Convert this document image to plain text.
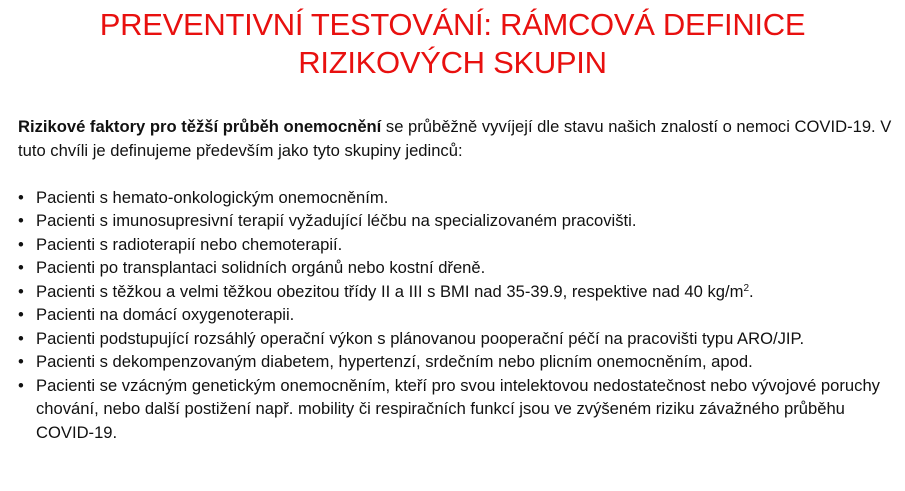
PREVENTIVNÍ TESTOVÁNÍ: RÁMCOVÁ DEFINICE
RIZIKOVÝCH SKUPIN

Rizikové faktory pro těžší průběh onemocnění se průběžně vyvíjejí dle stavu našich znalostí o nemoci COVID-19. V tuto chvíli je definujeme především jako tyto skupiny jedinců:

• Pacienti s hemato-onkologickým onemocněním.
• Pacienti s imunosupresivní terapií vyžadující léčbu na specializovaném pracovišti.
• Pacienti s radioterapií nebo chemoterapií.
• Pacienti po transplantaci solidních orgánů nebo kostní dřeně.
• Pacienti s těžkou a velmi těžkou obezitou třídy II a III s BMI nad 35-39.9, respektive nad 40 $kg/m^2$.
• Pacienti na domácí oxygenoterapii.
• Pacienti podstupující rozsáhlý operační výkon s plánovanou pooperační péčí na pracovišti typu ARO/JIP.
• Pacienti s dekompenzovaným diabetem, hypertenzí, srdečním nebo plicním onemocněním, apod.
• Pacienti se vzácným genetickým onemocněním, kteří pro svou intelektovou nedostatečnost nebo vývojové poruchy chování, nebo další postižení např. mobility či respiračních funkcí jsou ve zvýšeném riziku závažného průběhu COVID-19.
